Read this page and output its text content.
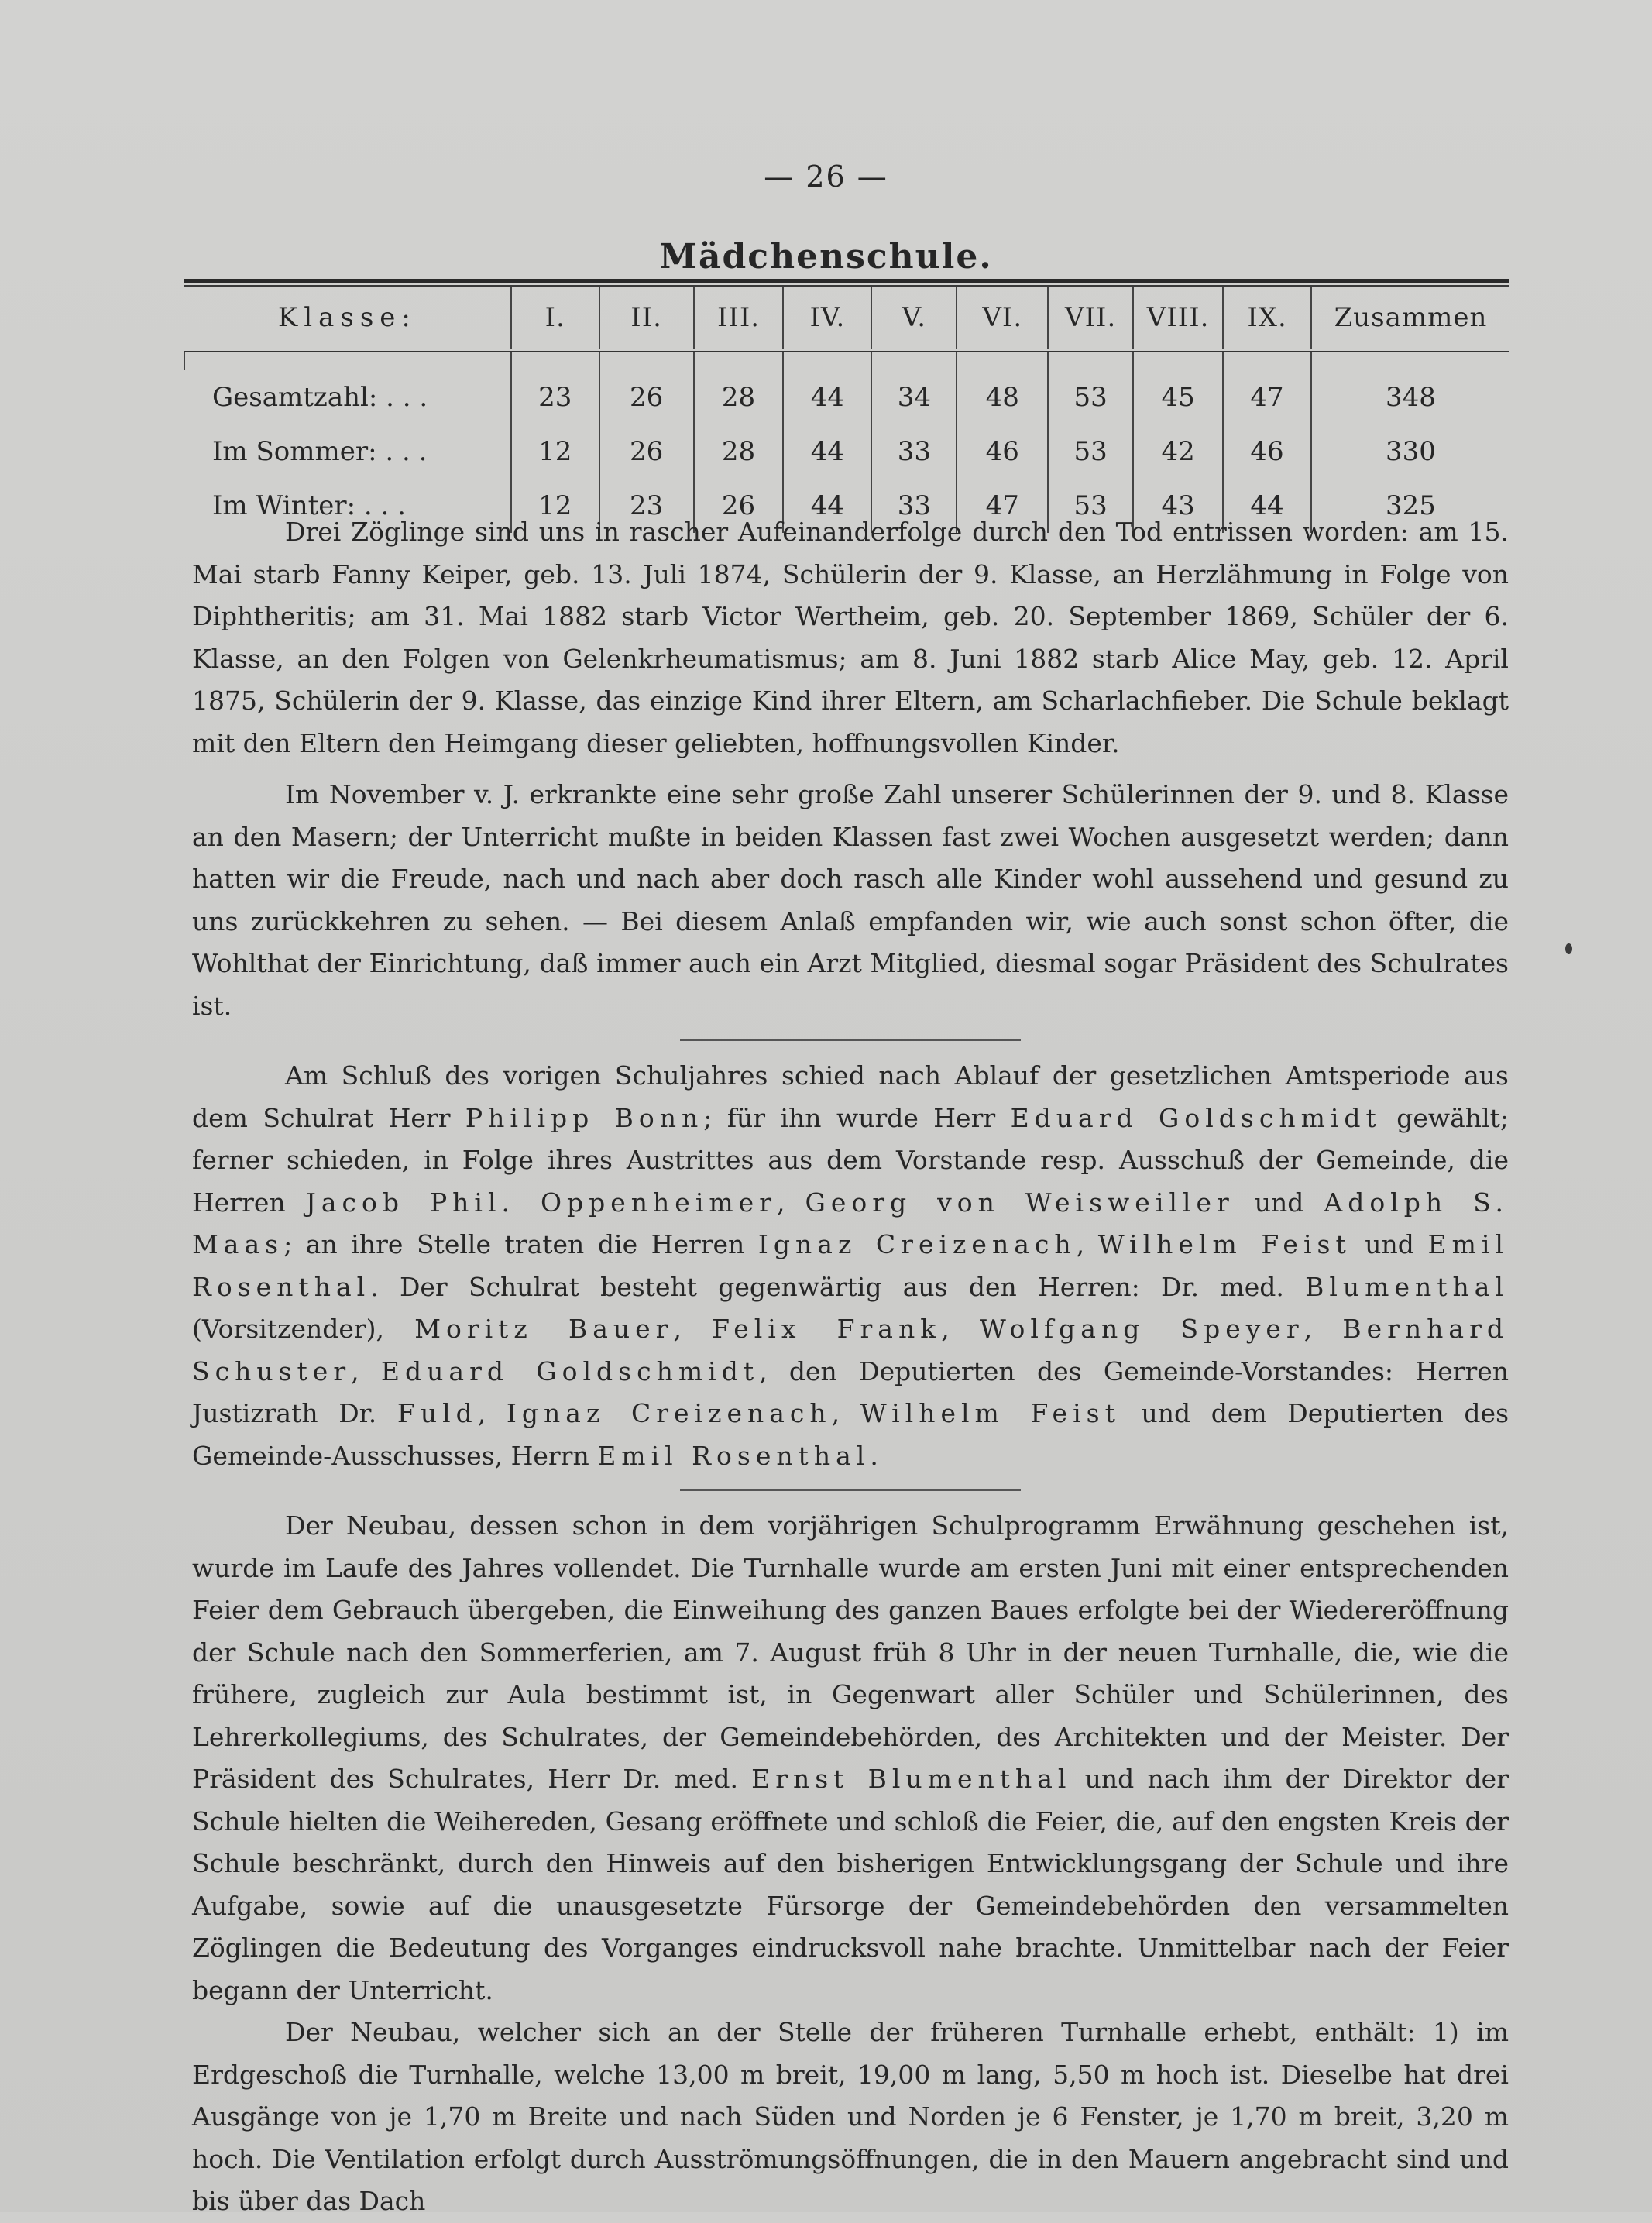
— 26 —
Mädchenschule.
Klasse:	I.	II.	III.	IV.	V.	VI.	VII.	VIII.	IX.	Zusammen

Gesamtzahl: . . .	23	26	28	44	34	48	53	45	47	348
Im Sommer: . . .	12	26	28	44	33	46	53	42	46	330
Im Winter: . . .	12	23	26	44	33	47	53	43	44	325

Drei Zöglinge sind uns in rascher Aufeinanderfolge durch den Tod entrissen worden: am 15. Mai starb Fanny Keiper, geb. 13. Juli 1874, Schülerin der 9. Klasse, an Herzlähmung in Folge von Diphtheritis; am 31. Mai 1882 starb Victor Wertheim, geb. 20. September 1869, Schüler der 6. Klasse, an den Folgen von Gelenkrheumatismus; am 8. Juni 1882 starb Alice May, geb. 12. April 1875, Schülerin der 9. Klasse, das einzige Kind ihrer Eltern, am Scharlachfieber. Die Schule beklagt mit den Eltern den Heimgang dieser geliebten, hoffnungsvollen Kinder.

Im November v. J. erkrankte eine sehr große Zahl unserer Schülerinnen der 9. und 8. Klasse an den Masern; der Unterricht mußte in beiden Klassen fast zwei Wochen ausgesetzt werden; dann hatten wir die Freude, nach und nach aber doch rasch alle Kinder wohl aussehend und gesund zu uns zurückkehren zu sehen. — Bei diesem Anlaß empfanden wir, wie auch sonst schon öfter, die Wohlthat der Einrichtung, daß immer auch ein Arzt Mitglied, diesmal sogar Präsident des Schulrates ist.

Am Schluß des vorigen Schuljahres schied nach Ablauf der gesetzlichen Amtsperiode aus dem Schulrat Herr Philipp Bonn; für ihn wurde Herr Eduard Goldschmidt gewählt; ferner schieden, in Folge ihres Austrittes aus dem Vorstande resp. Ausschuß der Gemeinde, die Herren Jacob Phil. Oppenheimer, Georg von Weisweiller und Adolph S. Maas; an ihre Stelle traten die Herren Ignaz Creizenach, Wilhelm Feist und Emil Rosenthal. Der Schulrat besteht gegenwärtig aus den Herren: Dr. med. Blumenthal (Vorsitzender), Moritz Bauer, Felix Frank, Wolfgang Speyer, Bernhard Schuster, Eduard Goldschmidt, den Deputierten des Gemeinde-Vorstandes: Herren Justizrath Dr. Fuld, Ignaz Creizenach, Wilhelm Feist und dem Deputierten des Gemeinde-Ausschusses, Herrn Emil Rosenthal.

Der Neubau, dessen schon in dem vorjährigen Schulprogramm Erwähnung geschehen ist, wurde im Laufe des Jahres vollendet. Die Turnhalle wurde am ersten Juni mit einer entsprechenden Feier dem Gebrauch übergeben, die Einweihung des ganzen Baues erfolgte bei der Wiedereröffnung der Schule nach den Sommerferien, am 7. August früh 8 Uhr in der neuen Turnhalle, die, wie die frühere, zugleich zur Aula bestimmt ist, in Gegenwart aller Schüler und Schülerinnen, des Lehrerkollegiums, des Schulrates, der Gemeindebehörden, des Architekten und der Meister. Der Präsident des Schulrates, Herr Dr. med. Ernst Blumenthal und nach ihm der Direktor der Schule hielten die Weihereden, Gesang eröffnete und schloß die Feier, die, auf den engsten Kreis der Schule beschränkt, durch den Hinweis auf den bisherigen Entwicklungsgang der Schule und ihre Aufgabe, sowie auf die unausgesetzte Fürsorge der Gemeindebehörden den versammelten Zöglingen die Bedeutung des Vorganges eindrucksvoll nahe brachte. Unmittelbar nach der Feier begann der Unterricht.

Der Neubau, welcher sich an der Stelle der früheren Turnhalle erhebt, enthält: 1) im Erdgeschoß die Turnhalle, welche 13,00 m breit, 19,00 m lang, 5,50 m hoch ist. Dieselbe hat drei Ausgänge von je 1,70 m Breite und nach Süden und Norden je 6 Fenster, je 1,70 m breit, 3,20 m hoch. Die Ventilation erfolgt durch Ausströmungsöffnungen, die in den Mauern angebracht sind und bis über das Dach
